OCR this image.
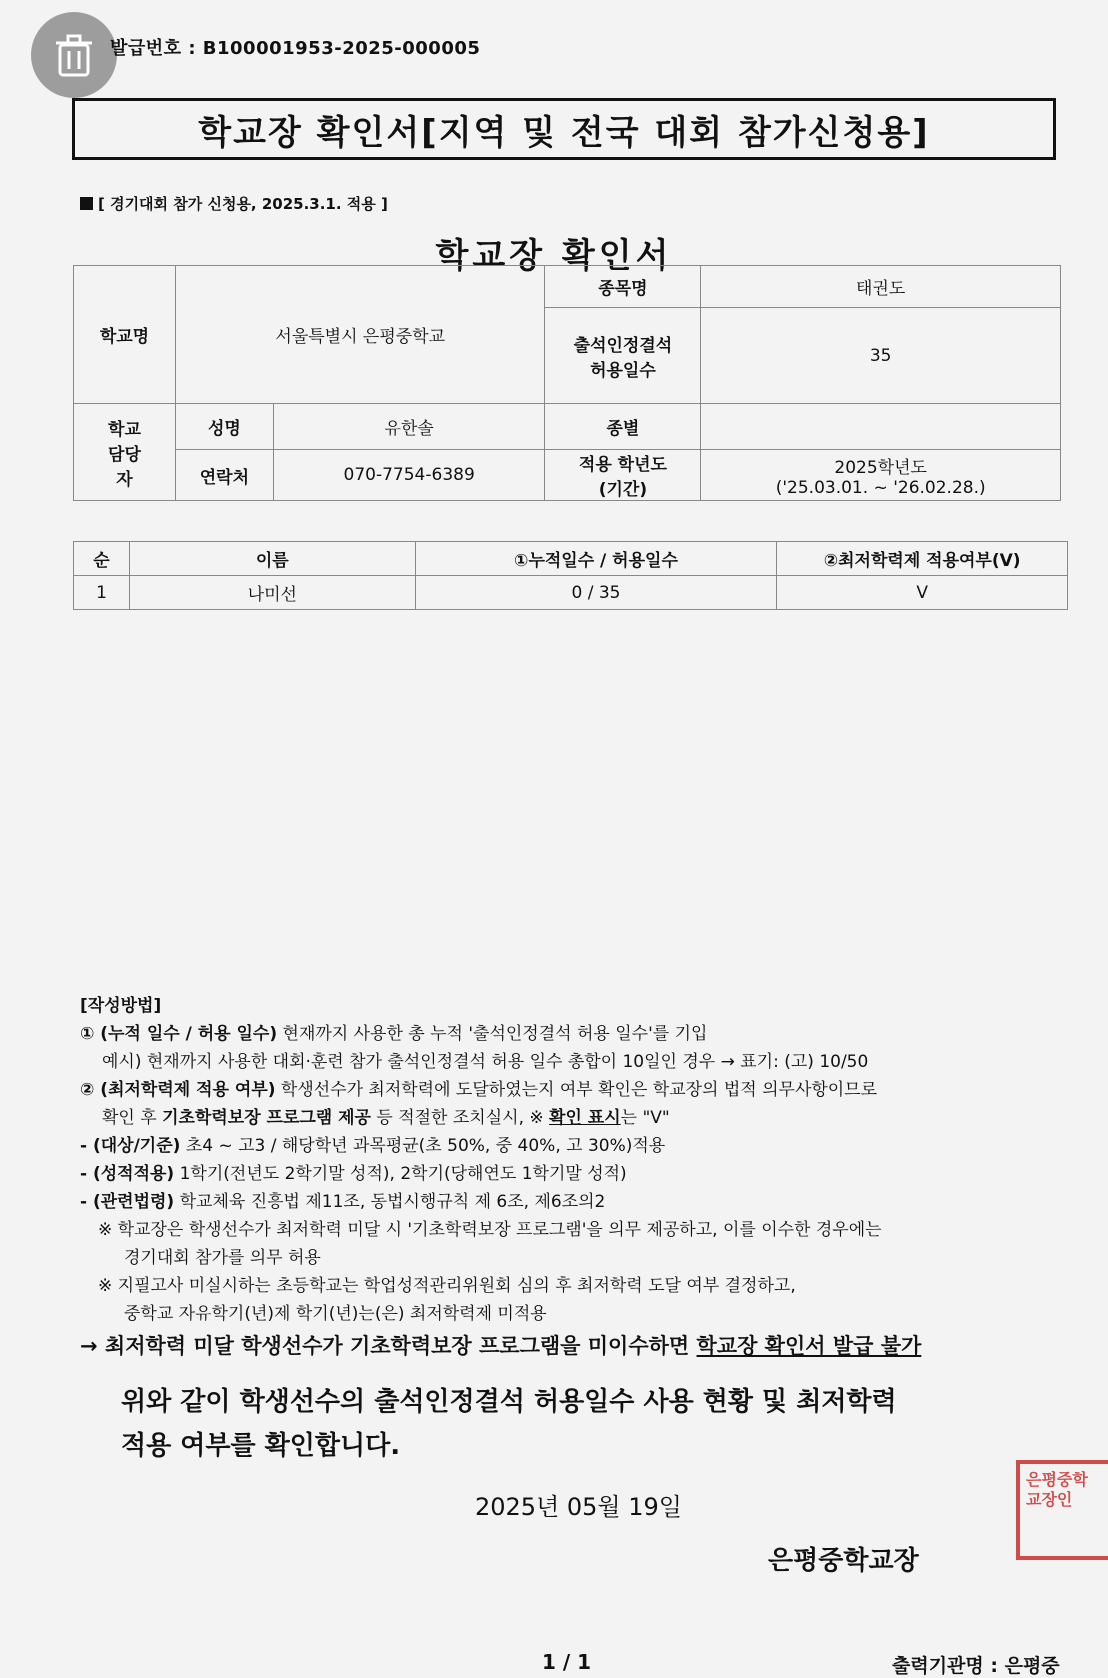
발급번호 : B100001953-2025-000005
학교장 확인서[지역 및 전국 대회 참가신청용]
[ 경기대회 참가 신청용, 2025.3.1. 적용 ]
학교장 확인서
학교명	서울특별시 은평중학교		종목명	태권도
			출석인정결석 허용일수	35
학교 담당자	성명	유한솔	종별	
	연락처	070-7754-6389	적용 학년도 (기간)	2025학년도
('25.03.01. ~ '26.02.28.)
순	이름	①누적일수 / 허용일수	②최저학력제 적용여부(V)
1	나미선	0 / 35	V
[작성방법]
① (누적 일수 / 허용 일수) 현재까지 사용한 총 누적 '출석인정결석 허용 일수'를 기입
예시) 현재까지 사용한 대회·훈련 참가 출석인정결석 허용 일수 총합이 10일인 경우 → 표기: (고) 10/50
② (최저학력제 적용 여부) 학생선수가 최저학력에 도달하였는지 여부 확인은 학교장의 법적 의무사항이므로
확인 후 기초학력보장 프로그램 제공 등 적절한 조치실시, ※ 확인 표시는 "V"
- (대상/기준) 초4 ~ 고3 / 해당학년 과목평균(초 50%, 중 40%, 고 30%)적용
- (성적적용) 1학기(전년도 2학기말 성적), 2학기(당해연도 1학기말 성적)
- (관련법령) 학교체육 진흥법 제11조, 동법시행규칙 제 6조, 제6조의2
※ 학교장은 학생선수가 최저학력 미달 시 '기초학력보장 프로그램'을 의무 제공하고, 이를 이수한 경우에는
경기대회 참가를 의무 허용
※ 지필고사 미실시하는 초등학교는 학업성적관리위원회 심의 후 최저학력 도달 여부 결정하고,
중학교 자유학기(년)제 학기(년)는(은) 최저학력제 미적용
→ 최저학력 미달 학생선수가 기초학력보장 프로그램을 미이수하면 학교장 확인서 발급 불가
위와 같이 학생선수의 출석인정결석 허용일수 사용 현황 및 최저학력
적용 여부를 확인합니다.
2025년 05월 19일
은평중학교장
은평중학교장인
1 / 1	출력기관명 : 은평중
